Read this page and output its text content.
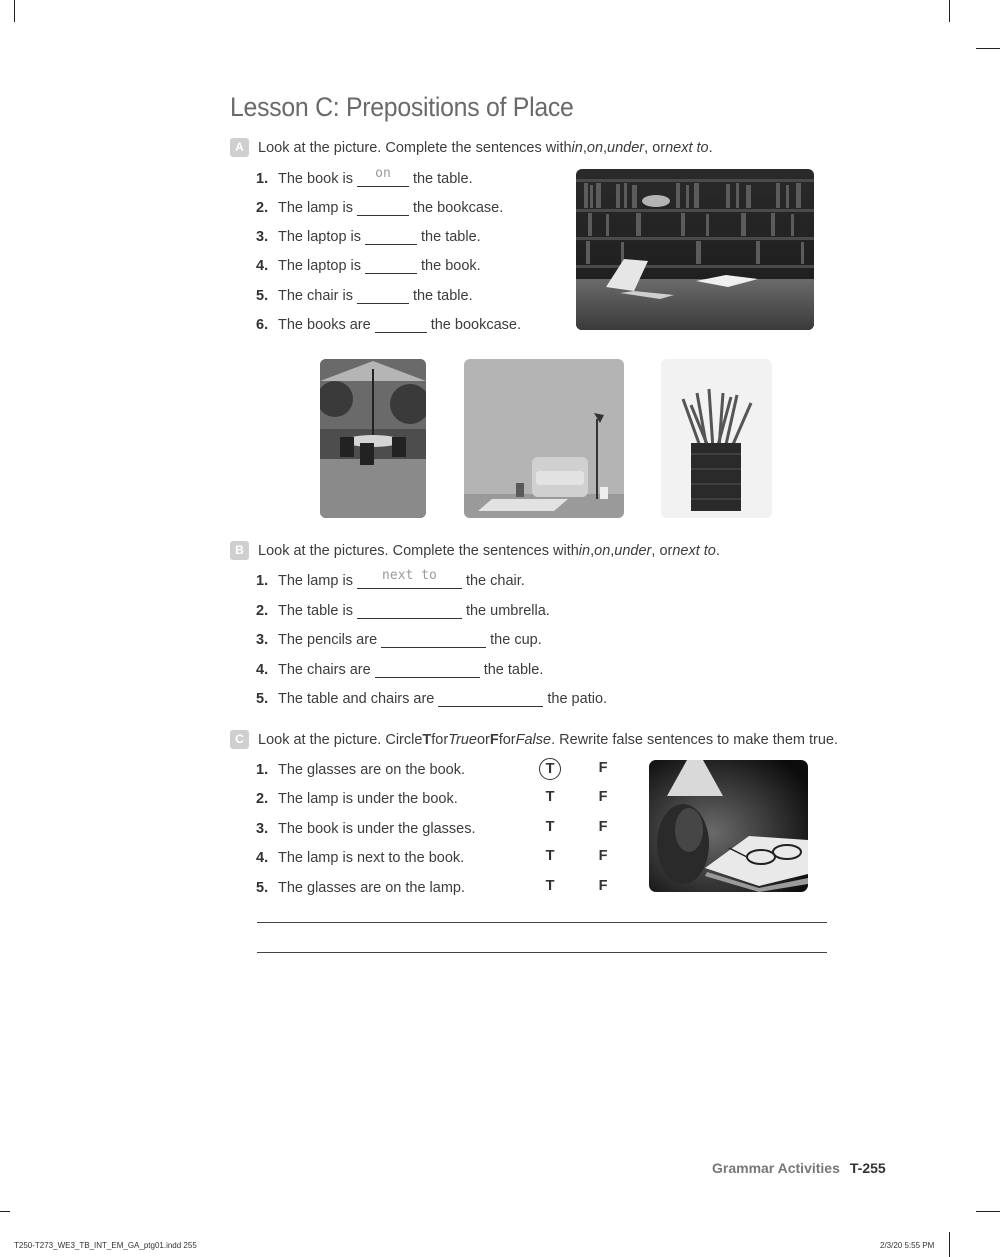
Lesson C: Prepositions of Place
A Look at the picture. Complete the sentences with in , on , under , or next to .
1. The book is	on	the table.
2. The lamp is	the bookcase.
3. The laptop is	the table.
4. The laptop is	the book.
5. The chair is	the table.
6. The books are	the bookcase.
B Look at the pictures. Complete the sentences with in , on , under , or next to .
1. The lamp is	next to	the chair.
2. The table is	the umbrella.
3. The pencils are	the cup.
4. The chairs are	the table.
5. The table and chairs are	the patio.
C Look at the picture. Circle T for True or F for False . Rewrite false sentences to make them true.
1. The glasses are on the book.	T	F
2. The lamp is under the book.	T	F
3. The book is under the glasses.	T	F
4. The lamp is next to the book.	T	F
5. The glasses are on the lamp.	T	F
Grammar Activities T-255
T250-T273_WE3_TB_INT_EM_GA_ptg01.indd 255	2/3/20 5:55 PM
